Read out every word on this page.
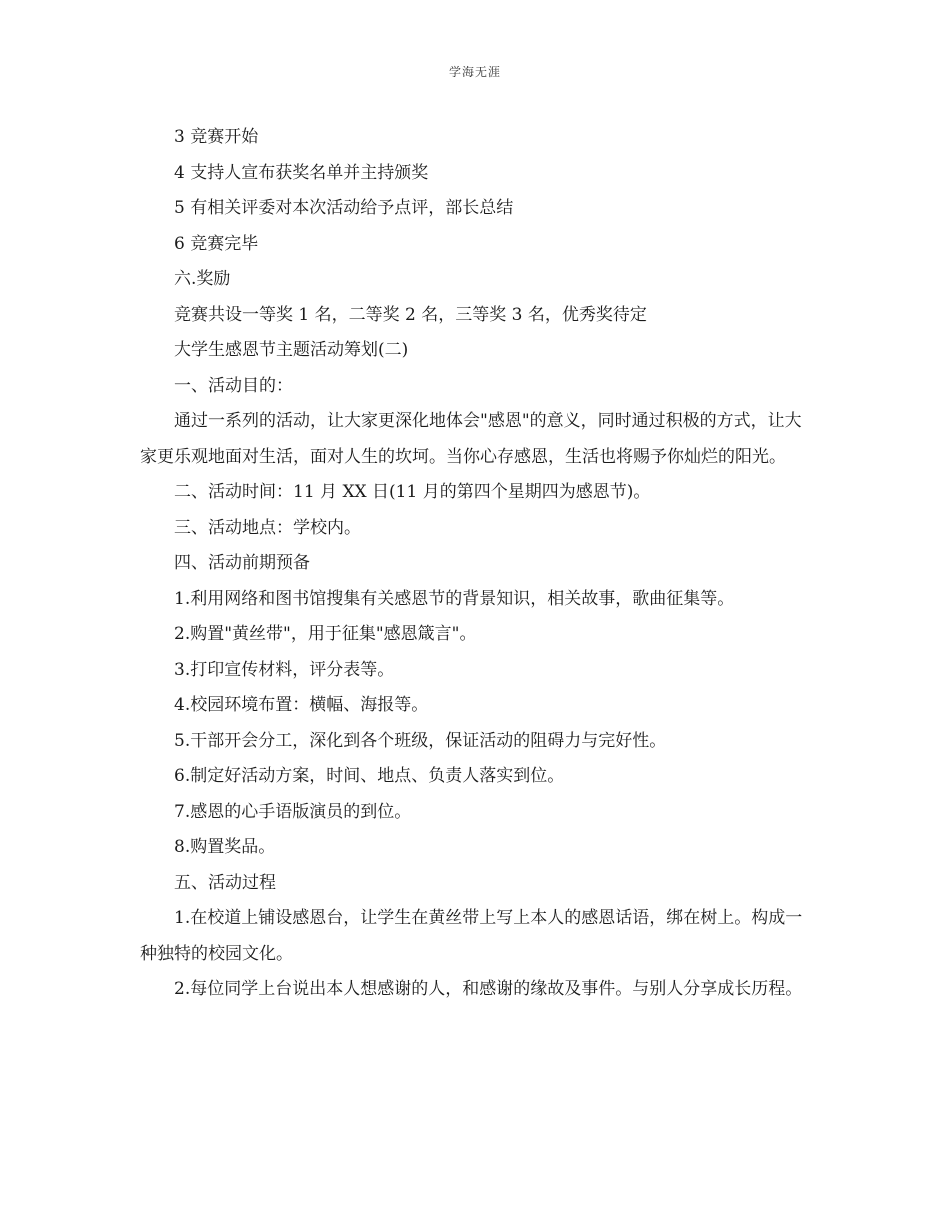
学海无涯

3 竞赛开始

4 支持人宣布获奖名单并主持颁奖

5 有相关评委对本次活动给予点评，部长总结

6 竞赛完毕

六.奖励

竞赛共设一等奖 1 名，二等奖 2 名，三等奖 3 名，优秀奖待定

大学生感恩节主题活动筹划(二)

一、活动目的：

通过一系列的活动，让大家更深化地体会"感恩"的意义，同时通过积极的方式，让大家更乐观地面对生活，面对人生的坎坷。当你心存感恩，生活也将赐予你灿烂的阳光。

二、活动时间：11 月 XX 日(11 月的第四个星期四为感恩节)。

三、活动地点：学校内。

四、活动前期预备

1.利用网络和图书馆搜集有关感恩节的背景知识，相关故事，歌曲征集等。

2.购置"黄丝带"，用于征集"感恩箴言"。

3.打印宣传材料，评分表等。

4.校园环境布置：横幅、海报等。

5.干部开会分工，深化到各个班级，保证活动的阻碍力与完好性。

6.制定好活动方案，时间、地点、负责人落实到位。

7.感恩的心手语版演员的到位。

8.购置奖品。

五、活动过程

1.在校道上铺设感恩台，让学生在黄丝带上写上本人的感恩话语，绑在树上。构成一种独特的校园文化。

2.每位同学上台说出本人想感谢的人，和感谢的缘故及事件。与别人分享成长历程。
